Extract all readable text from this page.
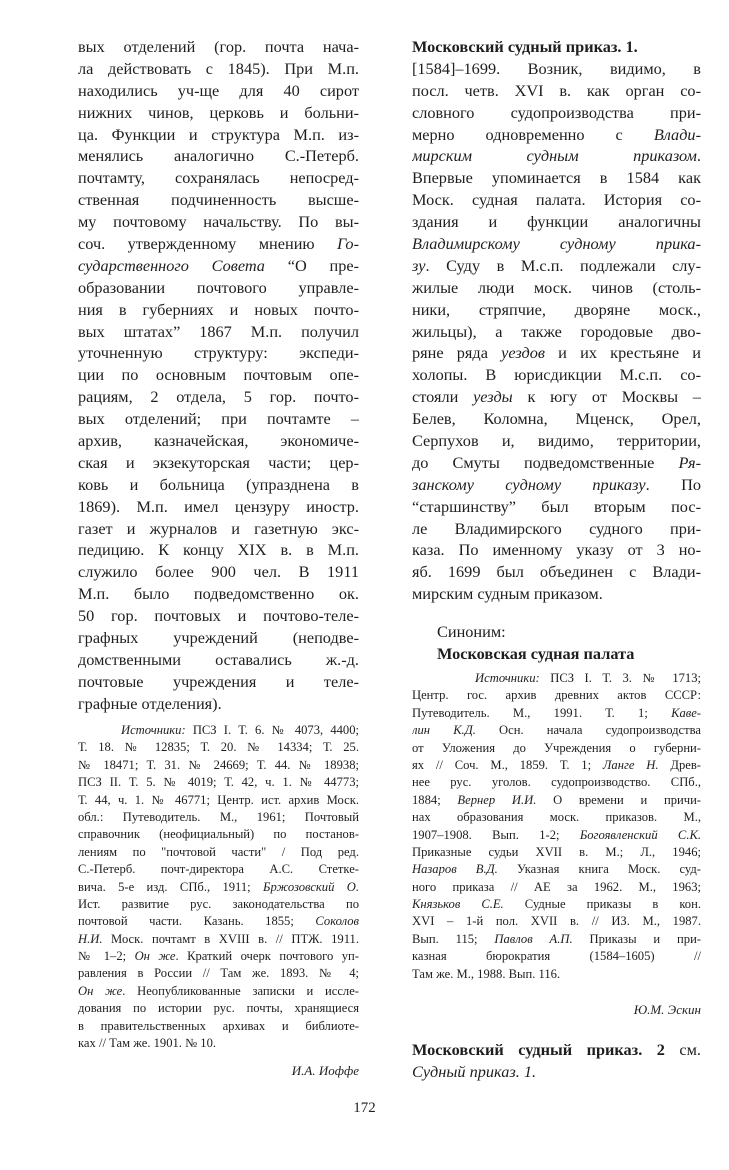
вых отделений (гор. почта нача-
ла действовать с 1845). При М.п.
находились уч-ще для 40 сирот
нижних чинов, церковь и больни-
ца. Функции и структура М.п. из-
менялись аналогично С.-Петерб.
почтамту, сохранялась непосред-
ственная подчиненность высше-
му почтовому начальству. По вы-
соч. утвержденному мнению Го-
сударственного Совета “О пре-
образовании почтового управле-
ния в губерниях и новых почто-
вых штатах” 1867 М.п. получил
уточненную структуру: экспеди-
ции по основным почтовым опе-
рациям, 2 отдела, 5 гор. почто-
вых отделений; при почтамте –
архив, казначейская, экономиче-
ская и экзекуторская части; цер-
ковь и больница (упразднена в
1869). М.п. имел цензуру иностр.
газет и журналов и газетную экс-
педицию. К концу XIX в. в М.п.
служило более 900 чел. В 1911
М.п. было подведомственно ок.
50 гор. почтовых и почтово-теле-
графных учреждений (неподве-
домственными оставались ж.-д.
почтовые учреждения и теле-
графные отделения).
Источники: ПСЗ I. Т. 6. № 4073, 4400;
Т. 18. № 12835; Т. 20. № 14334; Т. 25.
№ 18471; Т. 31. № 24669; Т. 44. № 18938;
ПСЗ II. Т. 5. № 4019; Т. 42, ч. 1. № 44773;
Т. 44, ч. 1. № 46771; Центр. ист. архив Моск.
обл.: Путеводитель. М., 1961; Почтовый
справочник (неофициальный) по постанов-
лениям по "почтовой части" / Под ред.
С.-Петерб. почт-директора А.С. Стетке-
вича. 5-е изд. СПб., 1911; Бржозовский О.
Ист. развитие рус. законодательства по
почтовой части. Казань. 1855; Соколов
Н.И. Моск. почтамт в XVIII в. // ПТЖ. 1911.
№ 1–2; Он же. Краткий очерк почтового уп-
равления в России // Там же. 1893. № 4;
Он же. Неопубликованные записки и иссле-
дования по истории рус. почты, хранящиеся
в правительственных архивах и библиоте-
ках // Там же. 1901. № 10.
И.А. Иоффе
Московский судный приказ. 1.
[1584]–1699. Возник, видимо, в
посл. четв. XVI в. как орган со-
словного судопроизводства при-
мерно одновременно с Влади-
мирским судным приказом.
Впервые упоминается в 1584 как
Моск. судная палата. История со-
здания и функции аналогичны
Владимирскому судному прика-
зу. Суду в М.с.п. подлежали слу-
жилые люди моск. чинов (столь-
ники, стряпчие, дворяне моск.,
жильцы), а также городовые дво-
ряне ряда уездов и их крестьяне и
холопы. В юрисдикции М.с.п. со-
стояли уезды к югу от Москвы –
Белев, Коломна, Мценск, Орел,
Серпухов и, видимо, территории,
до Смуты подведомственные Ря-
занскому судному приказу. По
“старшинству” был вторым пос-
ле Владимирского судного при-
каза. По именному указу от 3 но-
яб. 1699 был объединен с Влади-
мирским судным приказом.
Синоним:
Московская судная палата
Источники: ПСЗ I. Т. 3. № 1713;
Центр. гос. архив древних актов СССР:
Путеводитель. М., 1991. Т. 1; Каве-
лин К.Д. Осн. начала судопроизводства
от Уложения до Учреждения о губерни-
ях // Соч. М., 1859. Т. 1; Ланге Н. Древ-
нее рус. уголов. судопроизводство. СПб.,
1884; Вернер И.И. О времени и причи-
нах образования моск. приказов. М.,
1907–1908. Вып. 1-2; Богоявленский С.К.
Приказные судьи XVII в. М.; Л., 1946;
Назаров В.Д. Указная книга Моск. суд-
ного приказа // АЕ за 1962. М., 1963;
Князьков С.Е. Судные приказы в кон.
XVI – 1-й пол. XVII в. // ИЗ. М., 1987.
Вып. 115; Павлов А.П. Приказы и при-
казная бюрократия (1584–1605) //
Там же. М., 1988. Вып. 116.
Ю.М. Эскин
Московский судный приказ. 2 см.
Судный приказ. 1.
172
